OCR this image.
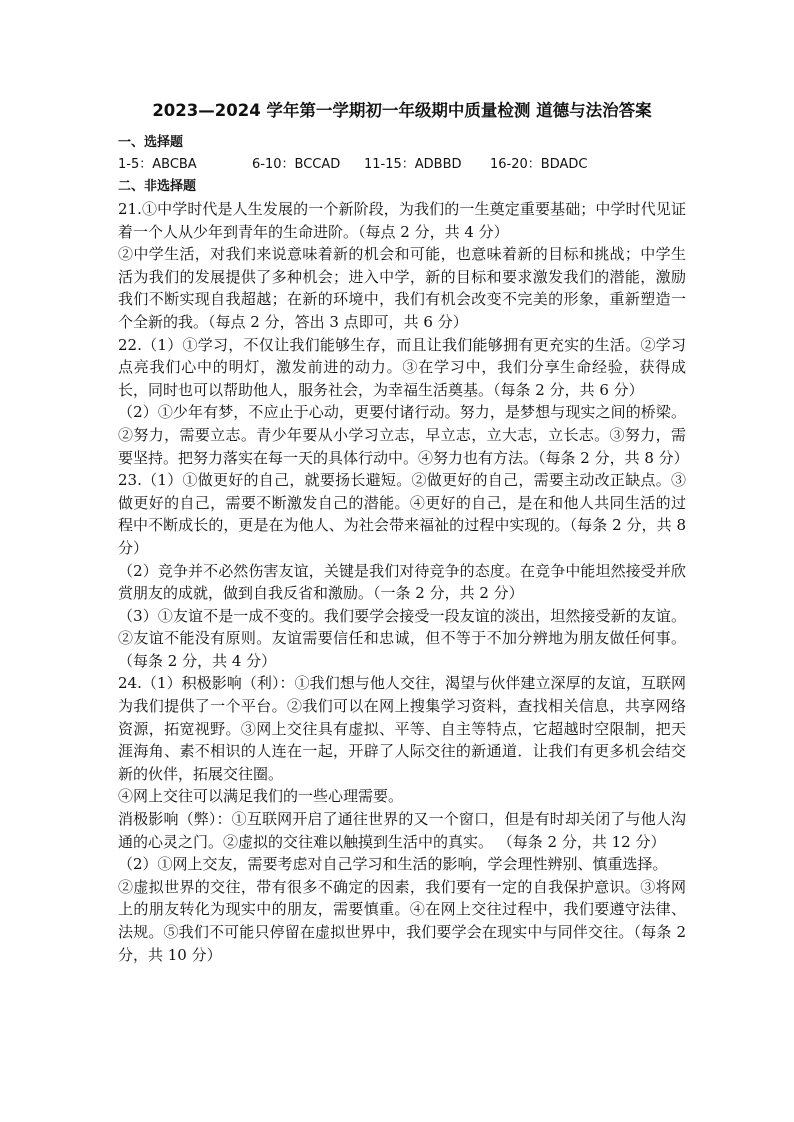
2023—2024 学年第一学期初一年级期中质量检测 道德与法治答案

一、选择题

1-5：ABCBA	6-10：BCCAD 11-15：ADBBD 16-20：BDADC

二、非选择题

21.①中学时代是人生发展的一个新阶段，为我们的一生奠定重要基础；中学时代见证着一个人从少年到青年的生命进阶。（每点 2 分，共 4 分）

②中学生活，对我们来说意味着新的机会和可能，也意味着新的目标和挑战；中学生活为我们的发展提供了多种机会；进入中学，新的目标和要求激发我们的潜能，激励我们不断实现自我超越；在新的环境中，我们有机会改变不完美的形象，重新塑造一个全新的我。（每点 2 分，答出 3 点即可，共 6 分）

22.（1）①学习，不仅让我们能够生存，而且让我们能够拥有更充实的生活。②学习点亮我们心中的明灯，激发前进的动力。③在学习中，我们分享生命经验，获得成长，同时也可以帮助他人，服务社会，为幸福生活奠基。（每条 2 分，共 6 分）

（2）①少年有梦，不应止于心动，更要付诸行动。努力，是梦想与现实之间的桥梁。②努力，需要立志。青少年要从小学习立志，早立志，立大志，立长志。③努力，需要坚持。把努力落实在每一天的具体行动中。④努力也有方法。（每条 2 分，共 8 分）

23.（1）①做更好的自己，就要扬长避短。②做更好的自己，需要主动改正缺点。③做更好的自己，需要不断激发自己的潜能。④更好的自己，是在和他人共同生活的过程中不断成长的，更是在为他人、为社会带来福祉的过程中实现的。（每条 2 分，共 8 分）

（2）竞争并不必然伤害友谊，关键是我们对待竞争的态度。在竞争中能坦然接受并欣赏朋友的成就，做到自我反省和激励。（一条 2 分，共 2 分）

（3）①友谊不是一成不变的。我们要学会接受一段友谊的淡出，坦然接受新的友谊。②友谊不能没有原则。友谊需要信任和忠诚，但不等于不加分辨地为朋友做任何事。（每条 2 分，共 4 分）

24.（1）积极影响（利）：①我们想与他人交往，渴望与伙伴建立深厚的友谊，互联网为我们提供了一个平台。②我们可以在网上搜集学习资料，查找相关信息，共享网络资源，拓宽视野。③网上交往具有虚拟、平等、自主等特点，它超越时空限制，把天涯海角、素不相识的人连在一起，开辟了人际交往的新通道．让我们有更多机会结交新的伙伴，拓展交往圈。

④网上交往可以满足我们的一些心理需要。

消极影响（弊）：①互联网开启了通往世界的又一个窗口，但是有时却关闭了与他人沟通的心灵之门。②虚拟的交往难以触摸到生活中的真实。 （每条 2 分，共 12 分）

（2）①网上交友，需要考虑对自己学习和生活的影响，学会理性辨别、慎重选择。

②虚拟世界的交往，带有很多不确定的因素，我们要有一定的自我保护意识。③将网上的朋友转化为现实中的朋友，需要慎重。④在网上交往过程中，我们要遵守法律、法规。⑤我们不可能只停留在虚拟世界中，我们要学会在现实中与同伴交往。（每条 2 分，共 10 分）
